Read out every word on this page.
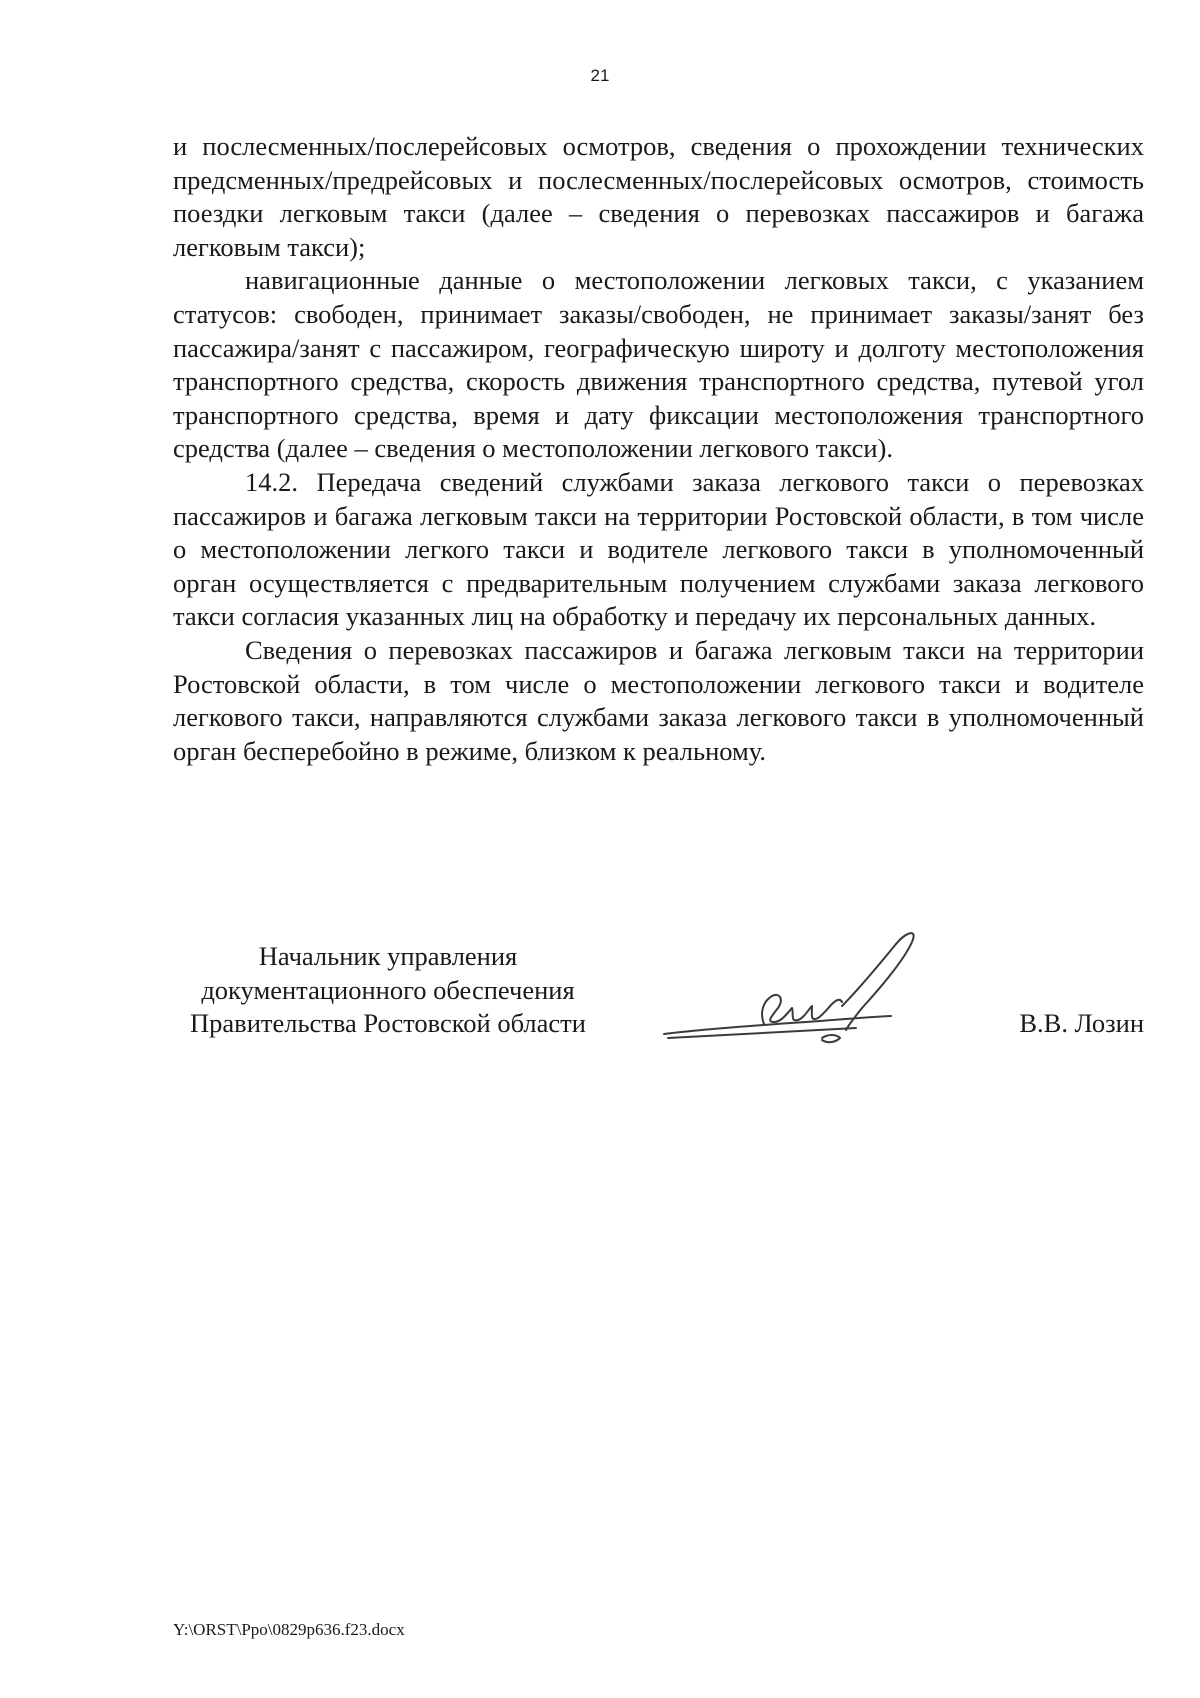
21

и послесменных/послерейсовых осмотров, сведения о прохождении технических предсменных/предрейсовых и послесменных/послерейсовых осмотров, стоимость поездки легковым такси (далее – сведения о перевозках пассажиров и багажа легковым такси);

навигационные данные о местоположении легковых такси, с указанием статусов: свободен, принимает заказы/свободен, не принимает заказы/занят без пассажира/занят с пассажиром, географическую широту и долготу местоположения транспортного средства, скорость движения транспортного средства, путевой угол транспортного средства, время и дату фиксации местоположения транспортного средства (далее – сведения о местоположении легкового такси).

14.2. Передача сведений службами заказа легкового такси о перевозках пассажиров и багажа легковым такси на территории Ростовской области, в том числе о местоположении легкого такси и водителе легкового такси в уполномоченный орган осуществляется с предварительным получением службами заказа легкового такси согласия указанных лиц на обработку и передачу их персональных данных.

Сведения о перевозках пассажиров и багажа легковым такси на территории Ростовской области, в том числе о местоположении легкового такси и водителе легкового такси, направляются службами заказа легкового такси в уполномоченный орган бесперебойно в режиме, близком к реальному.

Начальник управления
документационного обеспечения
Правительства Ростовской области	В.В. Лозин
Y:\ORST\Ppo\0829p636.f23.docx
